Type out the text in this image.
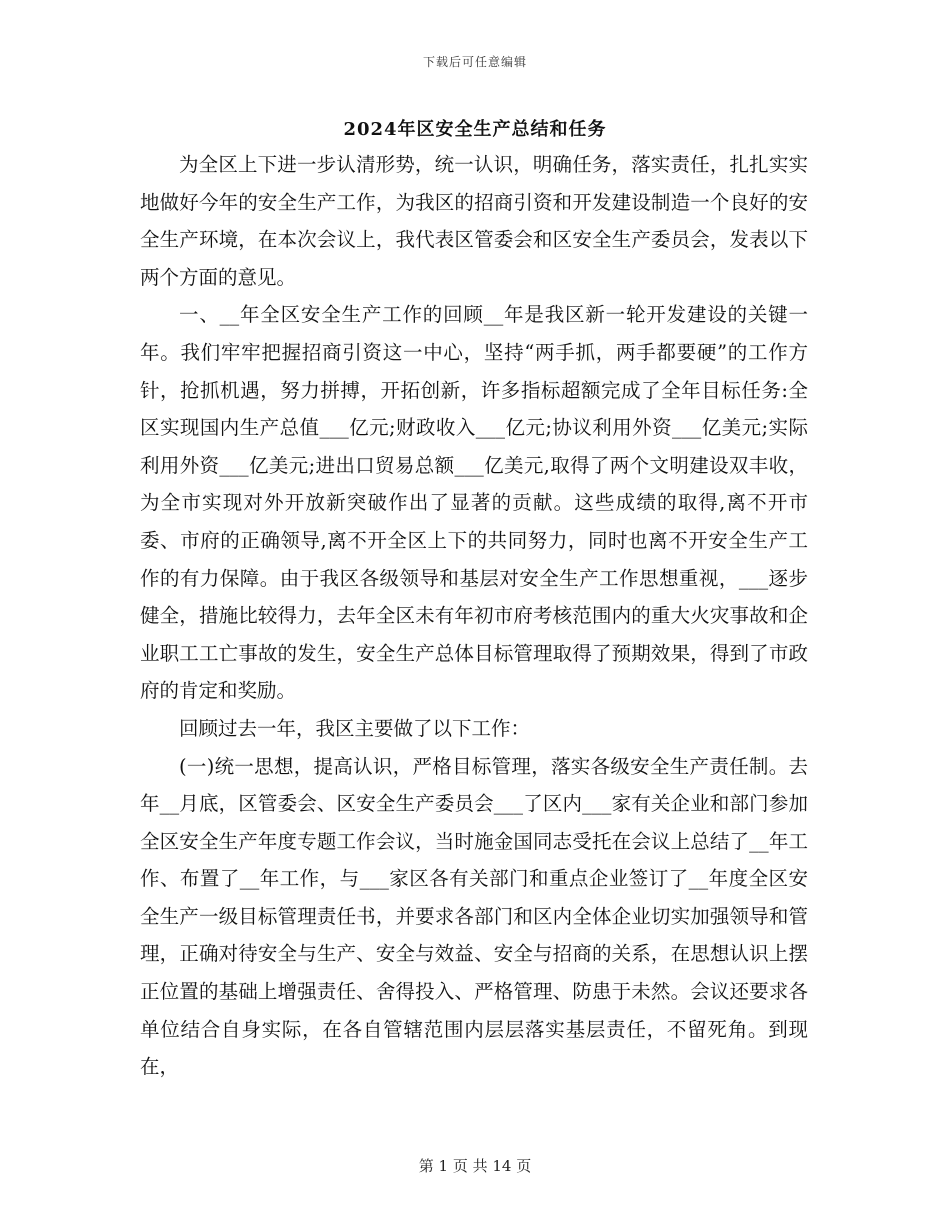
下载后可任意编辑
2024年区安全生产总结和任务

为全区上下进一步认清形势，统一认识，明确任务，落实责任，扎扎实实地做好今年的安全生产工作，为我区的招商引资和开发建设制造一个良好的安全生产环境，在本次会议上，我代表区管委会和区安全生产委员会，发表以下两个方面的意见。

一、__年全区安全生产工作的回顾__年是我区新一轮开发建设的关键一年。我们牢牢把握招商引资这一中心，坚持“两手抓，两手都要硬”的工作方针，抢抓机遇，努力拼搏，开拓创新，许多指标超额完成了全年目标任务:全区实现国内生产总值___亿元;财政收入___亿元;协议利用外资___亿美元;实际利用外资___亿美元;进出口贸易总额___亿美元,取得了两个文明建设双丰收，为全市实现对外开放新突破作出了显著的贡献。这些成绩的取得,离不开市委、市府的正确领导,离不开全区上下的共同努力，同时也离不开安全生产工作的有力保障。由于我区各级领导和基层对安全生产工作思想重视，___逐步健全，措施比较得力，去年全区未有年初市府考核范围内的重大火灾事故和企业职工工亡事故的发生，安全生产总体目标管理取得了预期效果，得到了市政府的肯定和奖励。

回顾过去一年，我区主要做了以下工作：

(一)统一思想，提高认识，严格目标管理，落实各级安全生产责任制。去年__月底，区管委会、区安全生产委员会___了区内___家有关企业和部门参加全区安全生产年度专题工作会议，当时施金国同志受托在会议上总结了__年工作、布置了__年工作，与___家区各有关部门和重点企业签订了__年度全区安全生产一级目标管理责任书，并要求各部门和区内全体企业切实加强领导和管理，正确对待安全与生产、安全与效益、安全与招商的关系，在思想认识上摆正位置的基础上增强责任、舍得投入、严格管理、防患于未然。会议还要求各单位结合自身实际，在各自管辖范围内层层落实基层责任，不留死角。到现在，

第 1 页 共 14 页
